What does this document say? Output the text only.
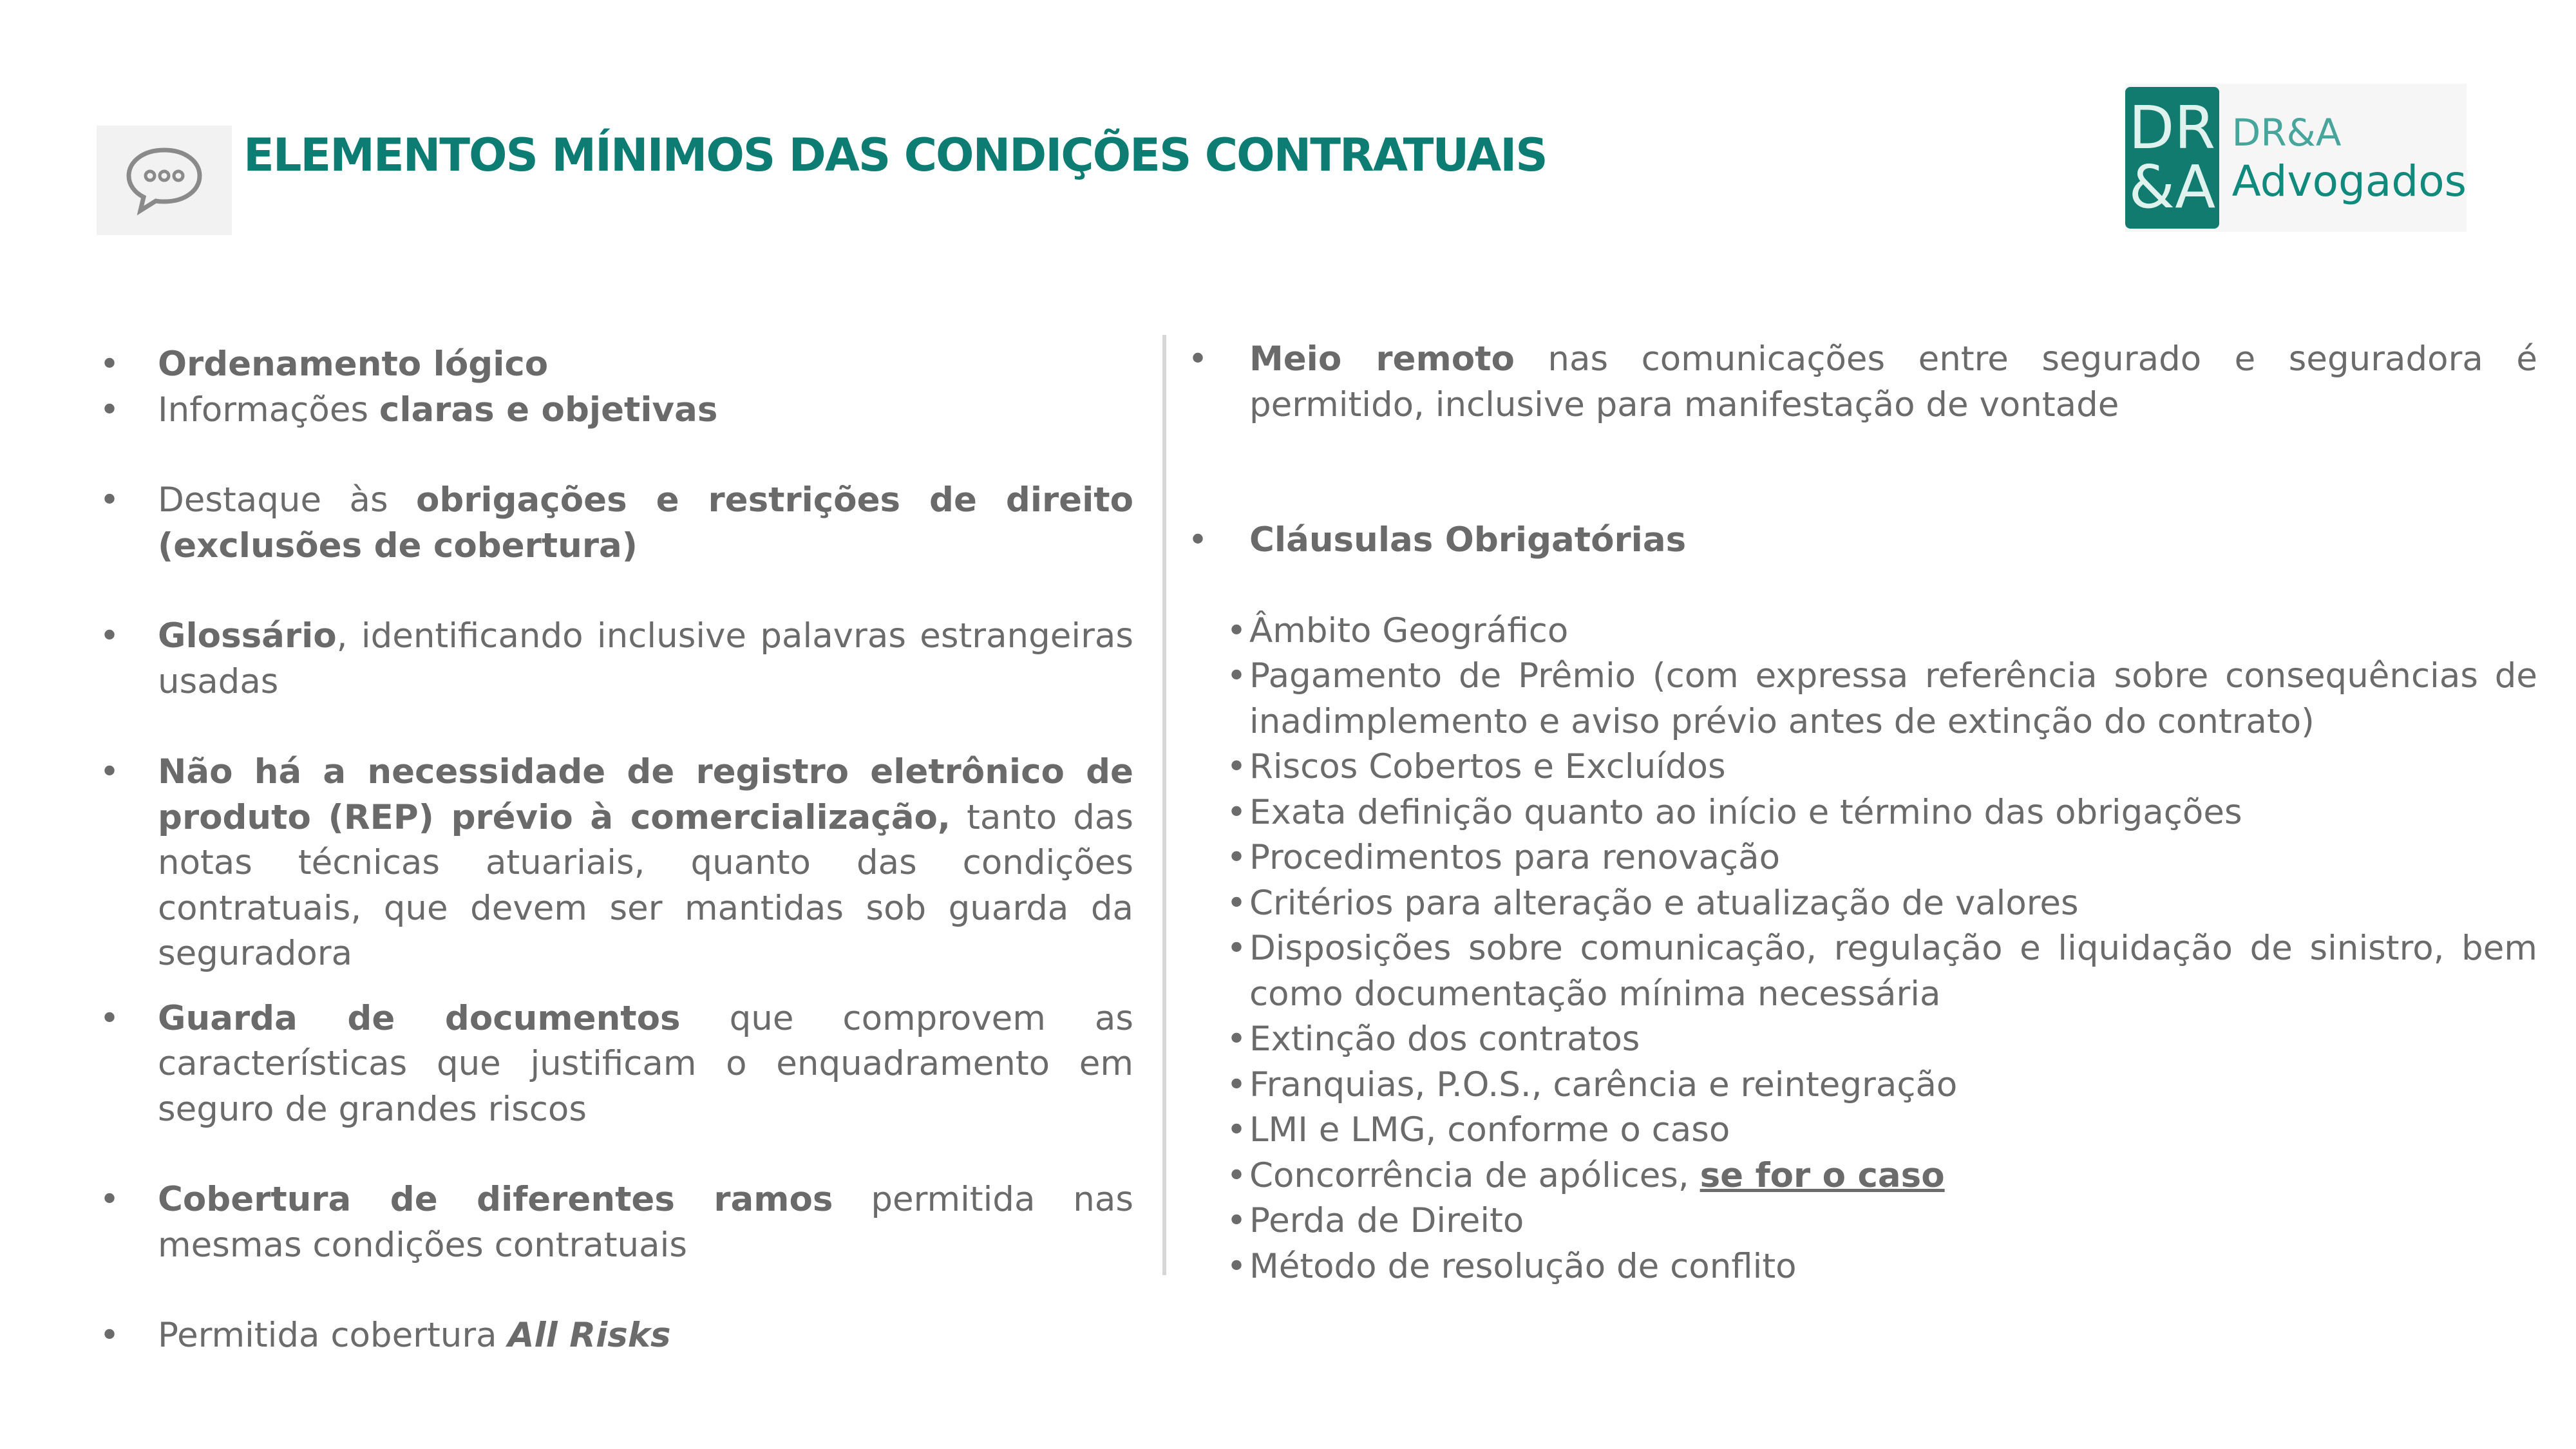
ELEMENTOS MÍNIMOS DAS CONDIÇÕES CONTRATUAIS	DR
&A
DR&A
Advogados
• Ordenamento lógico
• Informações claras e objetivas
• Destaque às obrigações e restrições de direito (exclusões de cobertura)
• Glossário, identificando inclusive palavras estrangeiras usadas
• Não há a necessidade de registro eletrônico de produto (REP) prévio à comercialização, tanto das notas técnicas atuariais, quanto das condições contratuais, que devem ser mantidas sob guarda da seguradora
• Guarda de documentos que comprovem as características que justificam o enquadramento em seguro de grandes riscos
• Cobertura de diferentes ramos permitida nas mesmas condições contratuais
• Permitida cobertura All Risks
• Meio remoto nas comunicações entre segurado e seguradora é permitido, inclusive para manifestação de vontade
• Cláusulas Obrigatórias
• Âmbito Geográfico
• Pagamento de Prêmio (com expressa referência sobre consequências de inadimplemento e aviso prévio antes de extinção do contrato)
• Riscos Cobertos e Excluídos
• Exata definição quanto ao início e término das obrigações
• Procedimentos para renovação
• Critérios para alteração e atualização de valores
• Disposições sobre comunicação, regulação e liquidação de sinistro, bem como documentação mínima necessária
• Extinção dos contratos
• Franquias, P.O.S., carência e reintegração
• LMI e LMG, conforme o caso
• Concorrência de apólices, se for o caso
• Perda de Direito
• Método de resolução de conflito
